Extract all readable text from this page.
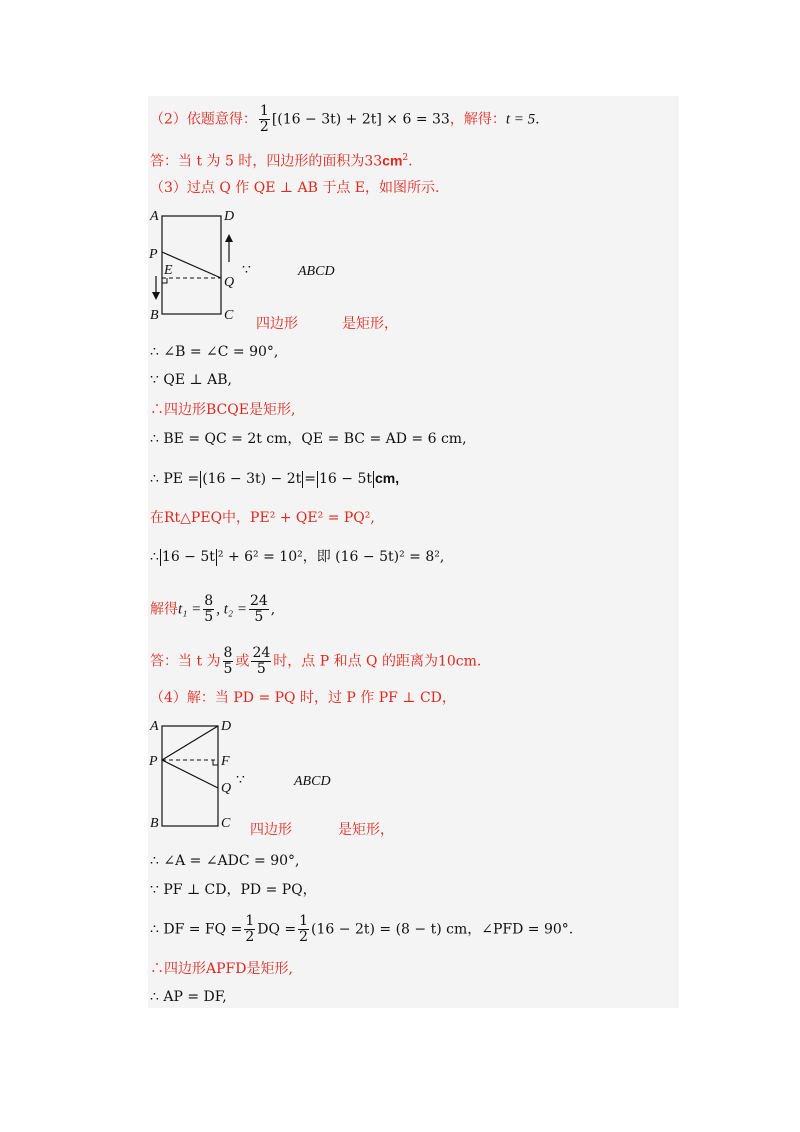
（2）依题意得： $\frac{1}{2} [(16 - 3t) + 2t] \times 6 = 33$，解得：t = 5.
答：当 t 为 5 时，四边形的面积为$33cm^2$.
（3）过点 Q 作 QE ⊥ AB 于点 E，如图所示.
A	D
P
E
Q
B	C
∵	ABCD
四边形	是矩形，
∴ ∠B = ∠C = 90°,
∵ QE ⊥ AB,
∴四边形BCQE是矩形,
∴ BE = QC = 2t cm，QE = BC = AD = 6 cm,
∴ PE = (16 − 3t) − 2t = 16 − 5t cm,
在Rt△PEQ中，PE² + QE² = PQ²,
∴ 16 − 5t ² + 6² = 10²，即 (16 − 5t)² = 8²,
解得$t_1 = \frac{8}{5}$ , $t_2 = \frac{24}{5}$ ,
答：当 t 为 $\frac{8}{5}$ 或 $\frac{24}{5}$ 时，点 P 和点 Q 的距离为10cm.
（4）解：当 PD = PQ 时，过 P 作 PF ⊥ CD，
A	D
P	F
Q
B	C
∵	ABCD
四边形	是矩形，
∴ ∠A = ∠ADC = 90°,
∵ PF ⊥ CD，PD = PQ，
∴ DF = FQ = $\frac{1}{2}$ DQ = $\frac{1}{2} (16 - 2t) = (8 - t)$ cm，∠PFD = 90°.
∴四边形APFD是矩形,
∴ AP = DF,
